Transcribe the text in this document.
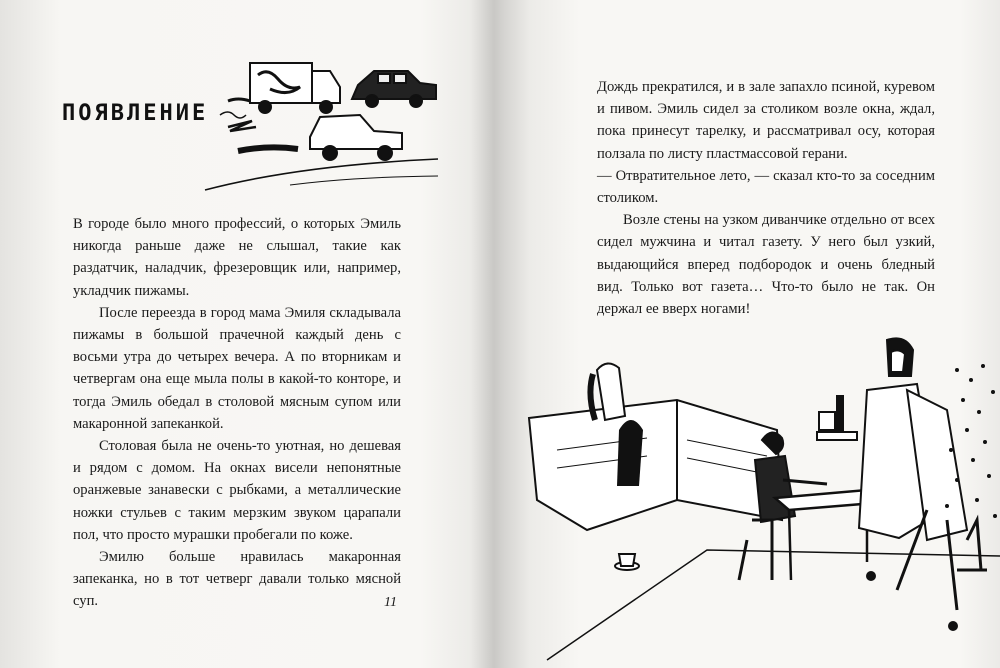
ПОЯВЛЕНИЕ

В городе было много профессий, о которых Эмиль никогда раньше даже не слышал, такие как раздатчик, наладчик, фрезеровщик или, например, укладчик пижамы.

После переезда в город мама Эмиля складывала пижамы в большой прачечной каждый день с восьми утра до четырех вечера. А по вторникам и четвергам она еще мыла полы в какой-то конторе, и тогда Эмиль обедал в столовой мясным супом или макаронной запеканкой.

Столовая была не очень-то уютная, но дешевая и рядом с домом. На окнах висели непонятные оранжевые занавески с рыбками, а металлические ножки стульев с таким мерзким звуком царапали пол, что просто мурашки пробегали по коже.

Эмилю больше нравилась макаронная запеканка, но в тот четверг давали только мясной суп.	11

Дождь прекратился, и в зале запахло псиной, куревом и пивом. Эмиль сидел за столиком возле окна, ждал, пока принесут тарелку, и рассматривал осу, которая ползала по листу пластмассовой герани.

— Отвратительное лето, — сказал кто-то за соседним столиком.

Возле стены на узком диванчике отдельно от всех сидел мужчина и читал газету. У него был узкий, выдающийся вперед подбородок и очень бледный вид. Только вот газета… Что-то было не так. Он держал ее вверх ногами!
